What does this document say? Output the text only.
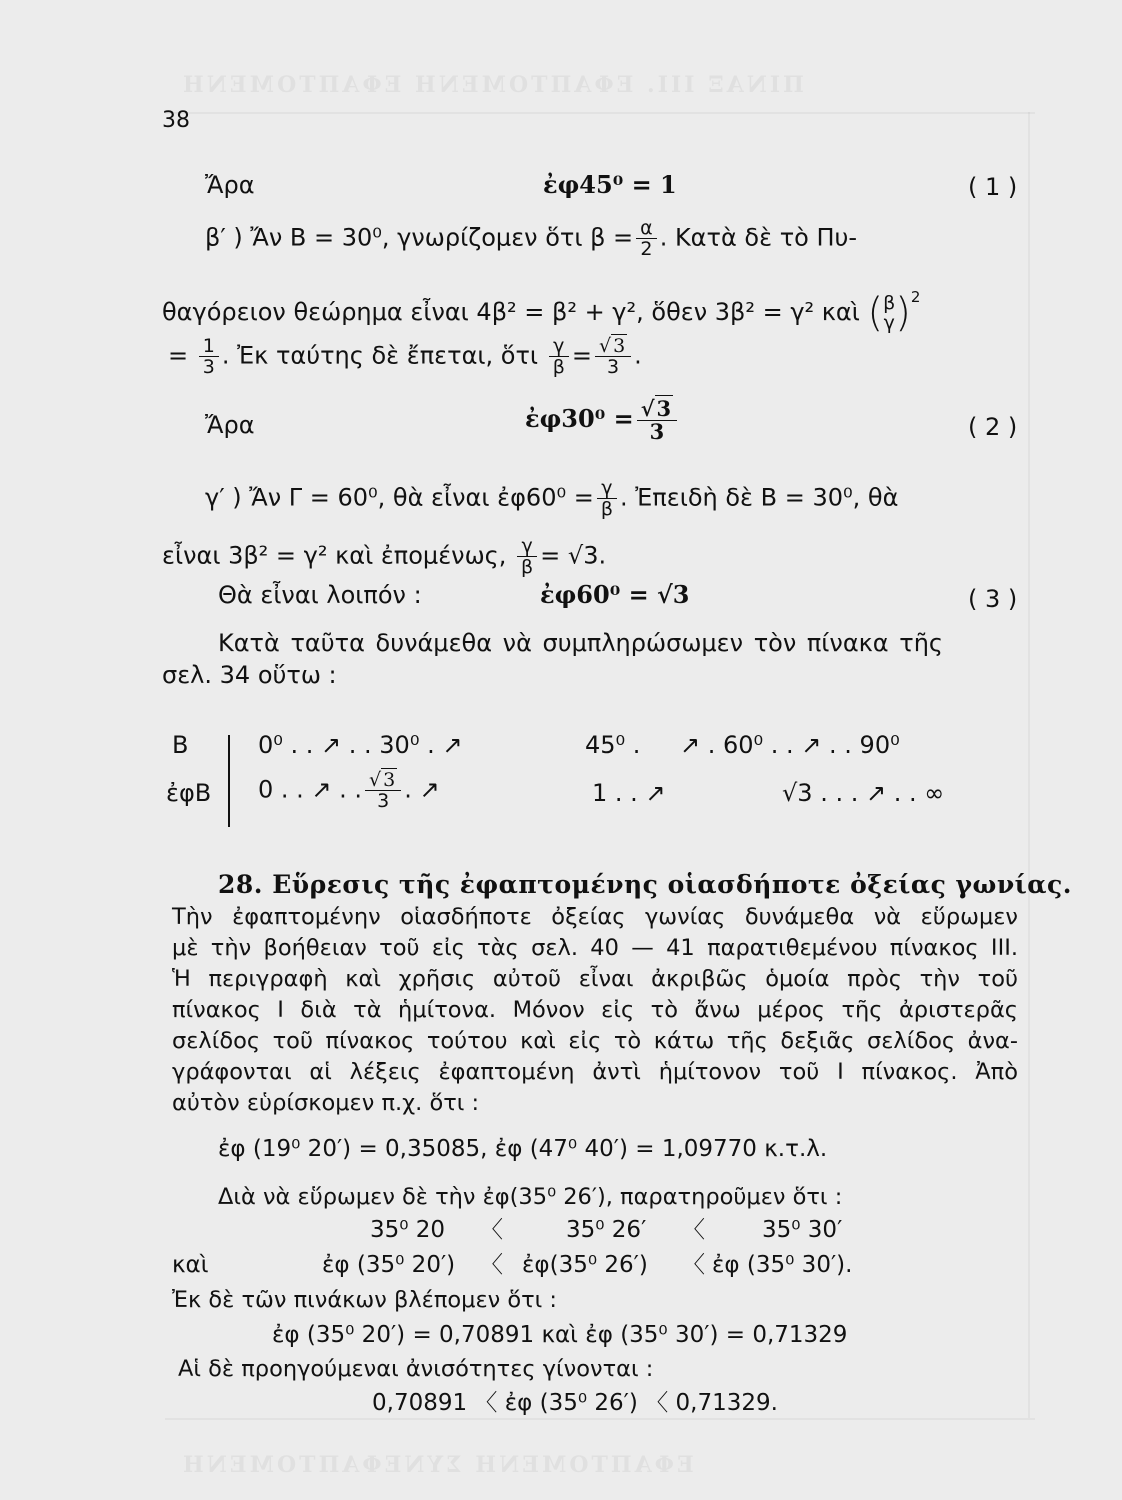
ΠΙΝΑΞ ΙΙΙ. ΕΦΑΠΤΟΜΕΝΗ ΕΦΑΠΤΟΜΕΝΗ
ΕΦΑΠΤΟΜΕΝΗ ΣΥΝΕΦΑΠΤΟΜΕΝΗ
38
Ἄρα	ἐφ45⁰ = 1	( 1 )
β′ ) Ἄν Β = 30⁰, γνωρίζομεν ὅτι $\beta = \frac{\alpha}{2}$ . Κατὰ δὲ τὸ Πυ-
θαγόρειον θεώρημα εἶναι 4β² = β² + γ², ὅθεν 3β² = γ² καὶ ( β
γ )$^2$
= $\frac{1}{3}$ . Ἐκ ταύτης δὲ ἔπεται, ὅτι $\frac{\gamma}{\beta} = \frac{√ 3}{3}$ .
Ἄρα	ἐφ30⁰ = $\frac{√3}{3}$	( 2 )
γ′ ) Ἄν Γ = 60⁰, θὰ εἶναι ἐφ60⁰ = $\frac{\gamma}{\beta}$ . Ἐπειδὴ δὲ Β = 30⁰, θὰ
εἶναι 3β² = γ² καὶ ἐπομένως, $\frac{\gamma}{\beta} = √3$.
Θὰ εἶναι λοιπόν :	ἐφ60⁰ = √3	( 3 )
Κατὰ ταῦτα δυνάμεθα νὰ συμπληρώσωμεν τὸν πίνακα τῆς
σελ. 34 οὕτω :
Β	0⁰ . . ↗ . . 30⁰ . ↗	45⁰ . ↗ . 60⁰ . . ↗ . . 90⁰
ἐφΒ 0 . . ↗ . . $\frac{√ 3}{3}$ . ↗	1 . . ↗	√3 . . . ↗ . . ∞
28. Εὕρεσις τῆς ἐφαπτομένης οἱασδήποτε ὀξείας γωνίας.
Τὴν ἐφαπτομένην οἱασδήποτε ὀξείας γωνίας δυνάμεθα νὰ εὕρωμεν
μὲ τὴν βοήθειαν τοῦ εἰς τὰς σελ. 40 — 41 παρατιθεμένου πίνακος ΙΙΙ.
Ἡ περιγραφὴ καὶ χρῆσις αὐτοῦ εἶναι ἀκριβῶς ὁμοία πρὸς τὴν τοῦ
πίνακος Ι διὰ τὰ ἡμίτονα. Μόνον εἰς τὸ ἄνω μέρος τῆς ἀριστερᾶς
σελίδος τοῦ πίνακος τούτου καὶ εἰς τὸ κάτω τῆς δεξιᾶς σελίδος ἀνα-
γράφονται αἱ λέξεις ἐφαπτομένη ἀντὶ ἡμίτονον τοῦ Ι πίνακος. Ἀπὸ
αὐτὸν εὑρίσκομεν π.χ. ὅτι :
ἐφ (19⁰ 20′) = 0,35085, ἐφ (47⁰ 40′) = 1,09770 κ.τ.λ.
Διὰ νὰ εὕρωμεν δὲ τὴν ἐφ(35⁰ 26′), παρατηροῦμεν ὅτι :
35⁰ 20 〈	35⁰ 26′ 〈 35⁰ 30′
καὶ	ἐφ (35⁰ 20′) 〈 ἐφ(35⁰ 26′) 〈 ἐφ (35⁰ 30′).
Ἐκ δὲ τῶν πινάκων βλέπομεν ὅτι :
ἐφ (35⁰ 20′) = 0,70891 καὶ ἐφ (35⁰ 30′) = 0,71329
Αἱ δὲ προηγούμεναι ἀνισότητες γίνονται :
0,70891 〈 ἐφ (35⁰ 26′) 〈 0,71329.
